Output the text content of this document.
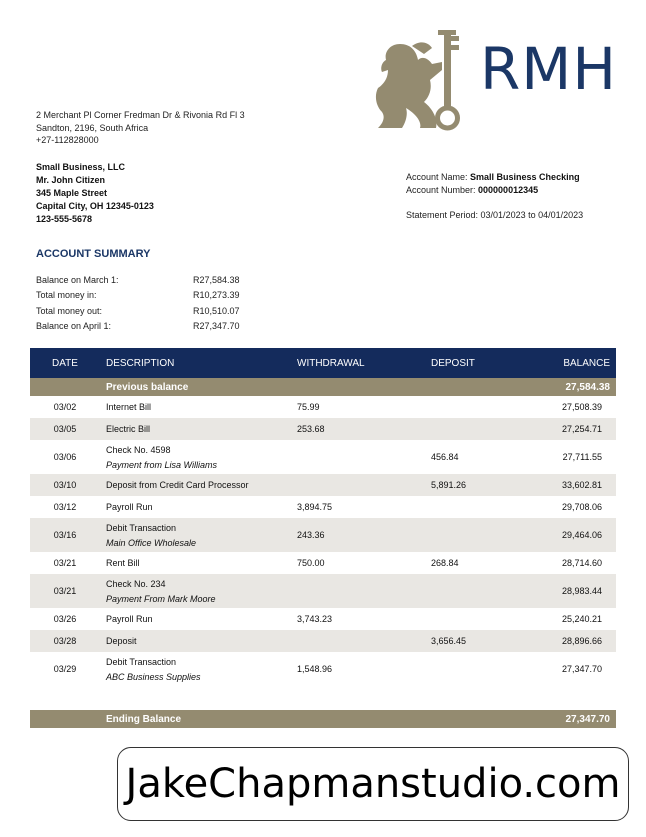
RMH
2 Merchant Pl Corner Fredman Dr & Rivonia Rd Fl 3
Sandton, 2196, South Africa
+27-112828000
Small Business, LLC
Mr. John Citizen
345 Maple Street
Capital City, OH 12345-0123
123-555-5678
Account Name: Small Business Checking
Account Number: 000000012345
Statement Period: 03/01/2023 to 04/01/2023
ACCOUNT SUMMARY
Balance on March 1:	R27,584.38
Total money in:	R10,273.39
Total money out:	R10,510.07
Balance on April 1:	R27,347.70
DATE	DESCRIPTION	WITHDRAWAL	DEPOSIT	BALANCE
	Previous balance			27,584.38
03/02	Internet Bill	75.99		27,508.39
03/05	Electric Bill	253.68		27,254.71
03/06	Check No. 4598
Payment from Lisa Williams		456.84	27,711.55
03/10	Deposit from Credit Card Processor		5,891.26	33,602.81
03/12	Payroll Run	3,894.75		29,708.06
03/16	Debit Transaction
Main Office Wholesale	243.36		29,464.06
03/21	Rent Bill	750.00	268.84	28,714.60
03/21	Check No. 234
Payment From Mark Moore			28,983.44
03/26	Payroll Run	3,743.23		25,240.21
03/28	Deposit		3,656.45	28,896.66
03/29	Debit Transaction
ABC Business Supplies	1,548.96		27,347.70

	Ending Balance			27,347.70
JakeChapmanstudio.com
